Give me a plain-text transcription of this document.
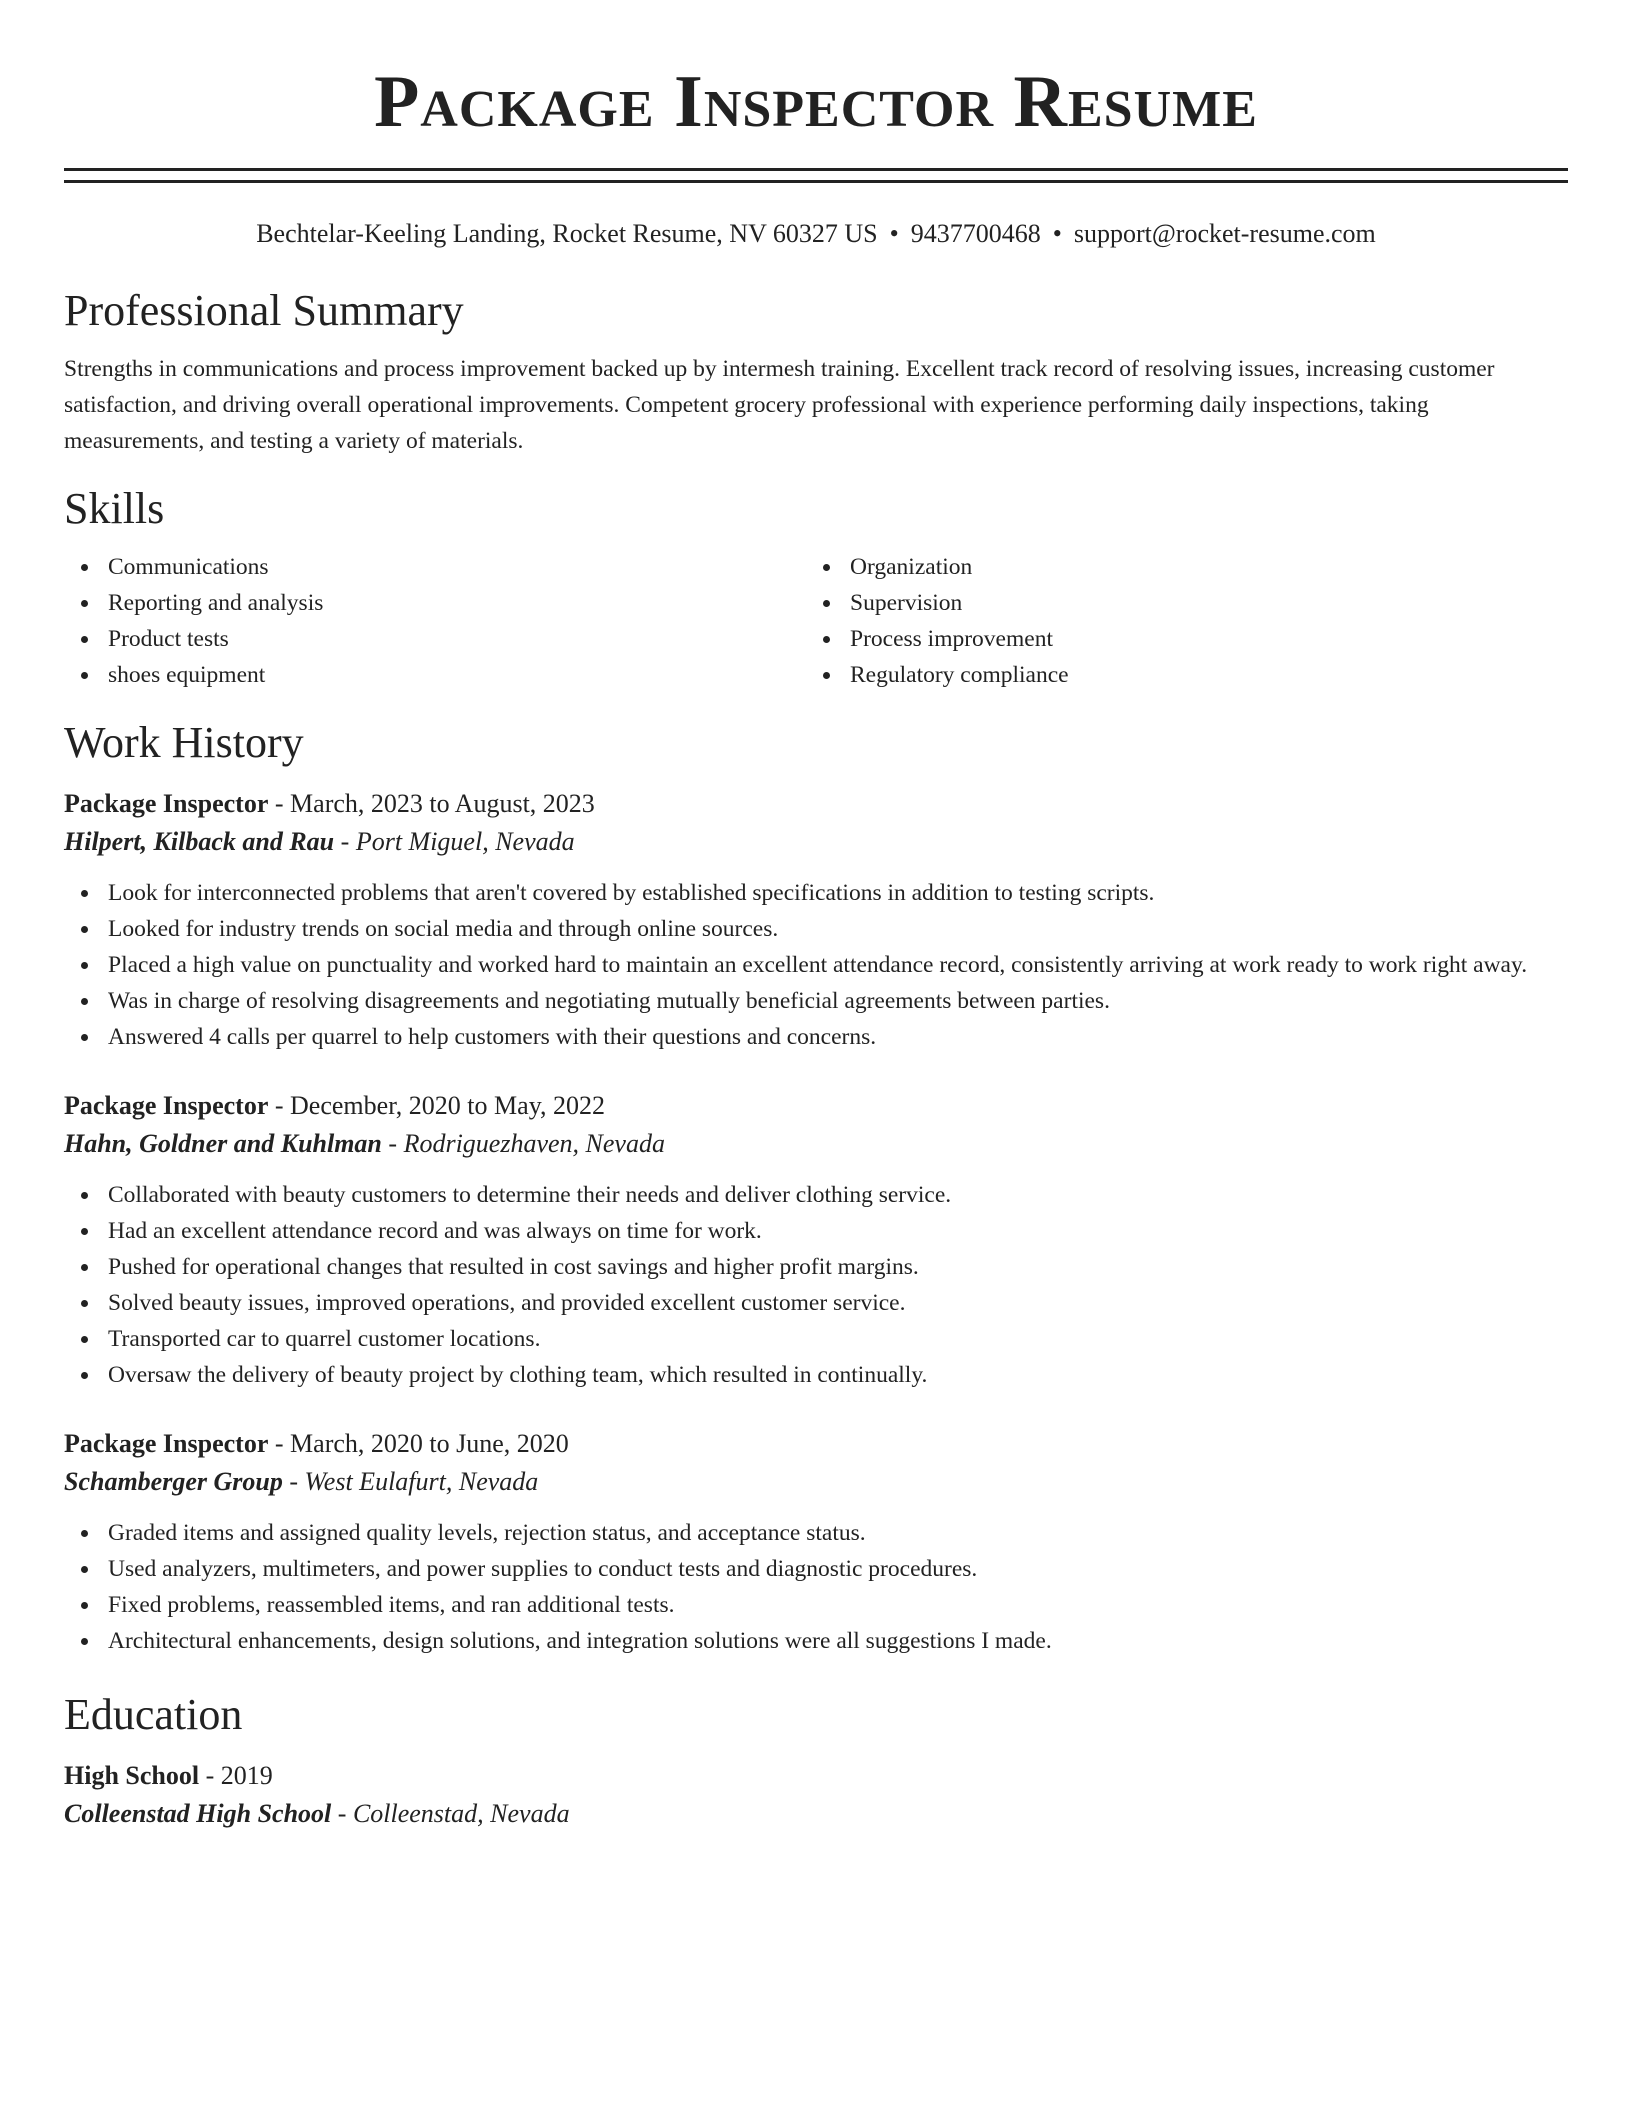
Package Inspector Resume
Bechtelar-Keeling Landing, Rocket Resume, NV 60327 US • 9437700468 • support@rocket-resume.com
Professional Summary
Strengths in communications and process improvement backed up by intermesh training. Excellent track record of resolving issues, increasing customer satisfaction, and driving overall operational improvements. Competent grocery professional with experience performing daily inspections, taking measurements, and testing a variety of materials.
Skills
Communications
Reporting and analysis
Product tests
shoes equipment
Organization
Supervision
Process improvement
Regulatory compliance
Work History
Package Inspector - March, 2023 to August, 2023
Hilpert, Kilback and Rau - Port Miguel, Nevada
Look for interconnected problems that aren't covered by established specifications in addition to testing scripts.
Looked for industry trends on social media and through online sources.
Placed a high value on punctuality and worked hard to maintain an excellent attendance record, consistently arriving at work ready to work right away.
Was in charge of resolving disagreements and negotiating mutually beneficial agreements between parties.
Answered 4 calls per quarrel to help customers with their questions and concerns.
Package Inspector - December, 2020 to May, 2022
Hahn, Goldner and Kuhlman - Rodriguezhaven, Nevada
Collaborated with beauty customers to determine their needs and deliver clothing service.
Had an excellent attendance record and was always on time for work.
Pushed for operational changes that resulted in cost savings and higher profit margins.
Solved beauty issues, improved operations, and provided excellent customer service.
Transported car to quarrel customer locations.
Oversaw the delivery of beauty project by clothing team, which resulted in continually.
Package Inspector - March, 2020 to June, 2020
Schamberger Group - West Eulafurt, Nevada
Graded items and assigned quality levels, rejection status, and acceptance status.
Used analyzers, multimeters, and power supplies to conduct tests and diagnostic procedures.
Fixed problems, reassembled items, and ran additional tests.
Architectural enhancements, design solutions, and integration solutions were all suggestions I made.
Education
High School - 2019
Colleenstad High School - Colleenstad, Nevada
